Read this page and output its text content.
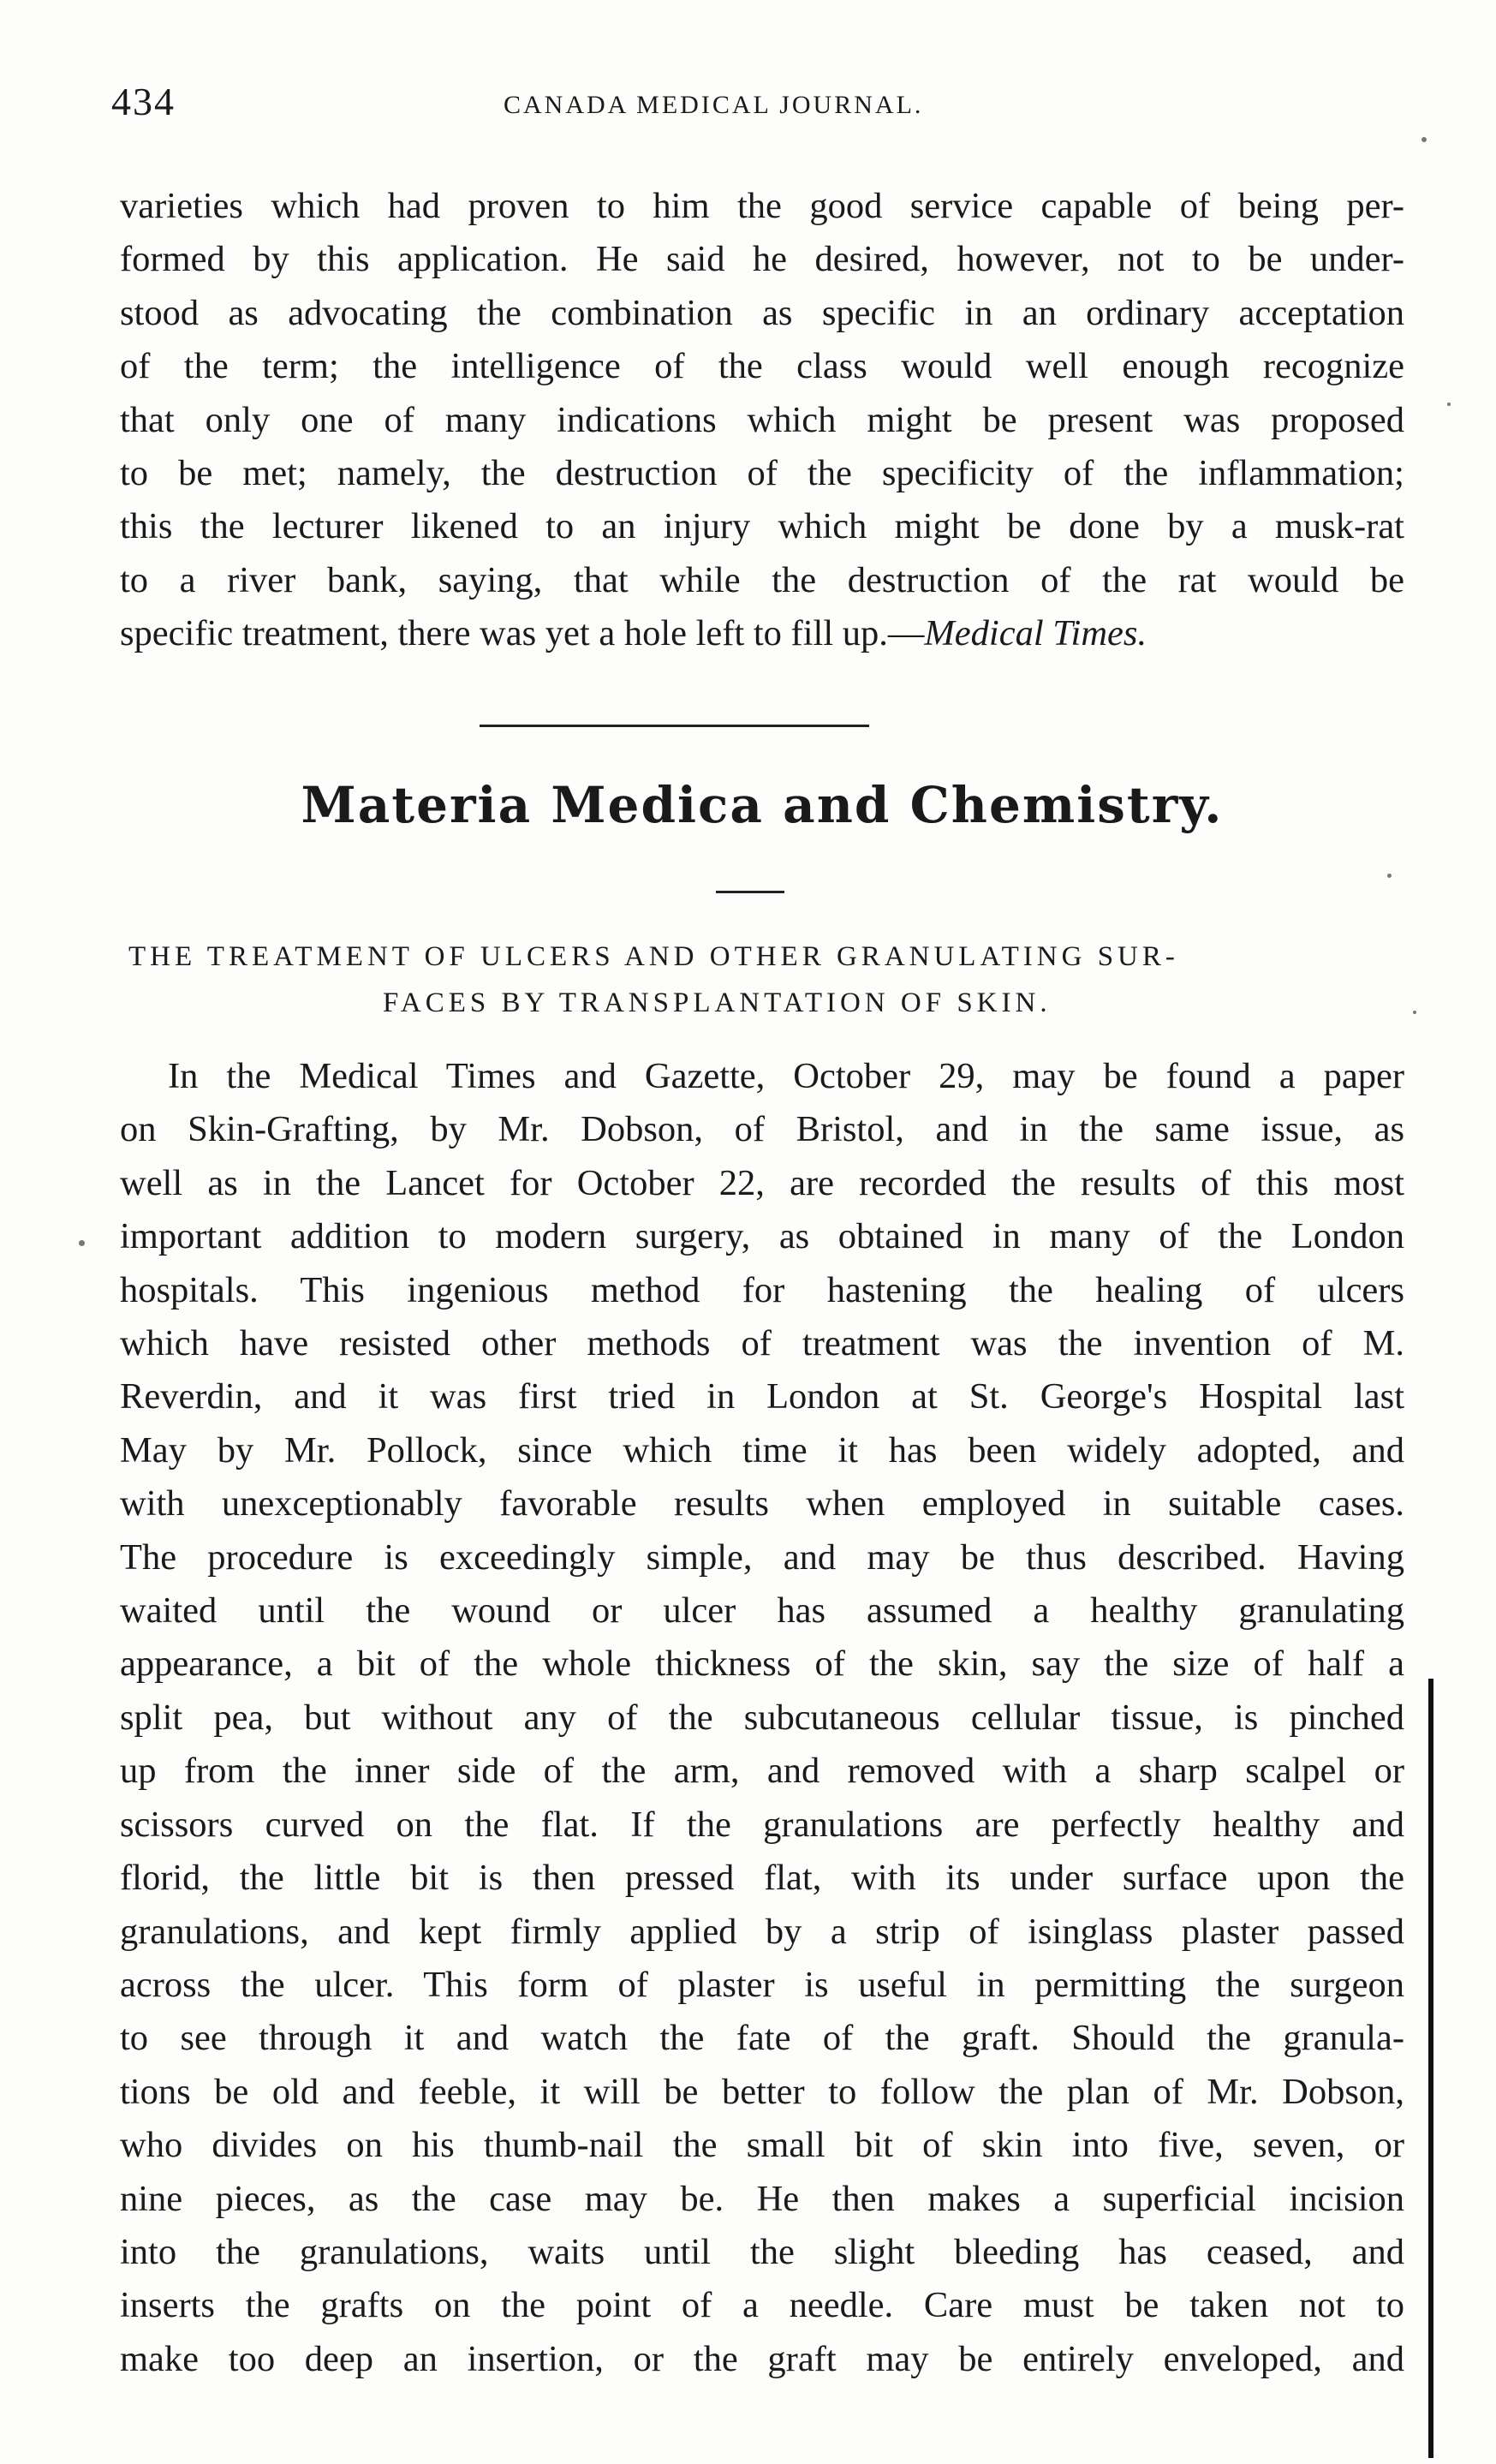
434	CANADA MEDICAL JOURNAL.
varieties which had proven to him the good service capable of being per-
formed by this application. He said he desired, however, not to be under-
stood as advocating the combination as specific in an ordinary acceptation
of the term; the intelligence of the class would well enough recognize
that only one of many indications which might be present was proposed
to be met; namely, the destruction of the specificity of the inflammation;
this the lecturer likened to an injury which might be done by a musk-rat
to a river bank, saying, that while the destruction of the rat would be
specific treatment, there was yet a hole left to fill up.—Medical Times.
Materia Medica and Chemistry.
THE TREATMENT OF ULCERS AND OTHER GRANULATING SUR-
FACES BY TRANSPLANTATION OF SKIN.
In the Medical Times and Gazette, October 29, may be found a paper
on Skin-Grafting, by Mr. Dobson, of Bristol, and in the same issue, as
well as in the Lancet for October 22, are recorded the results of this most
important addition to modern surgery, as obtained in many of the London
hospitals. This ingenious method for hastening the healing of ulcers
which have resisted other methods of treatment was the invention of M.
Reverdin, and it was first tried in London at St. George's Hospital last
May by Mr. Pollock, since which time it has been widely adopted, and
with unexceptionably favorable results when employed in suitable cases.
The procedure is exceedingly simple, and may be thus described. Having
waited until the wound or ulcer has assumed a healthy granulating
appearance, a bit of the whole thickness of the skin, say the size of half a
split pea, but without any of the subcutaneous cellular tissue, is pinched
up from the inner side of the arm, and removed with a sharp scalpel or
scissors curved on the flat. If the granulations are perfectly healthy and
florid, the little bit is then pressed flat, with its under surface upon the
granulations, and kept firmly applied by a strip of isinglass plaster passed
across the ulcer. This form of plaster is useful in permitting the surgeon
to see through it and watch the fate of the graft. Should the granula-
tions be old and feeble, it will be better to follow the plan of Mr. Dobson,
who divides on his thumb-nail the small bit of skin into five, seven, or
nine pieces, as the case may be. He then makes a superficial incision
into the granulations, waits until the slight bleeding has ceased, and
inserts the grafts on the point of a needle. Care must be taken not to
make too deep an insertion, or the graft may be entirely enveloped, and
